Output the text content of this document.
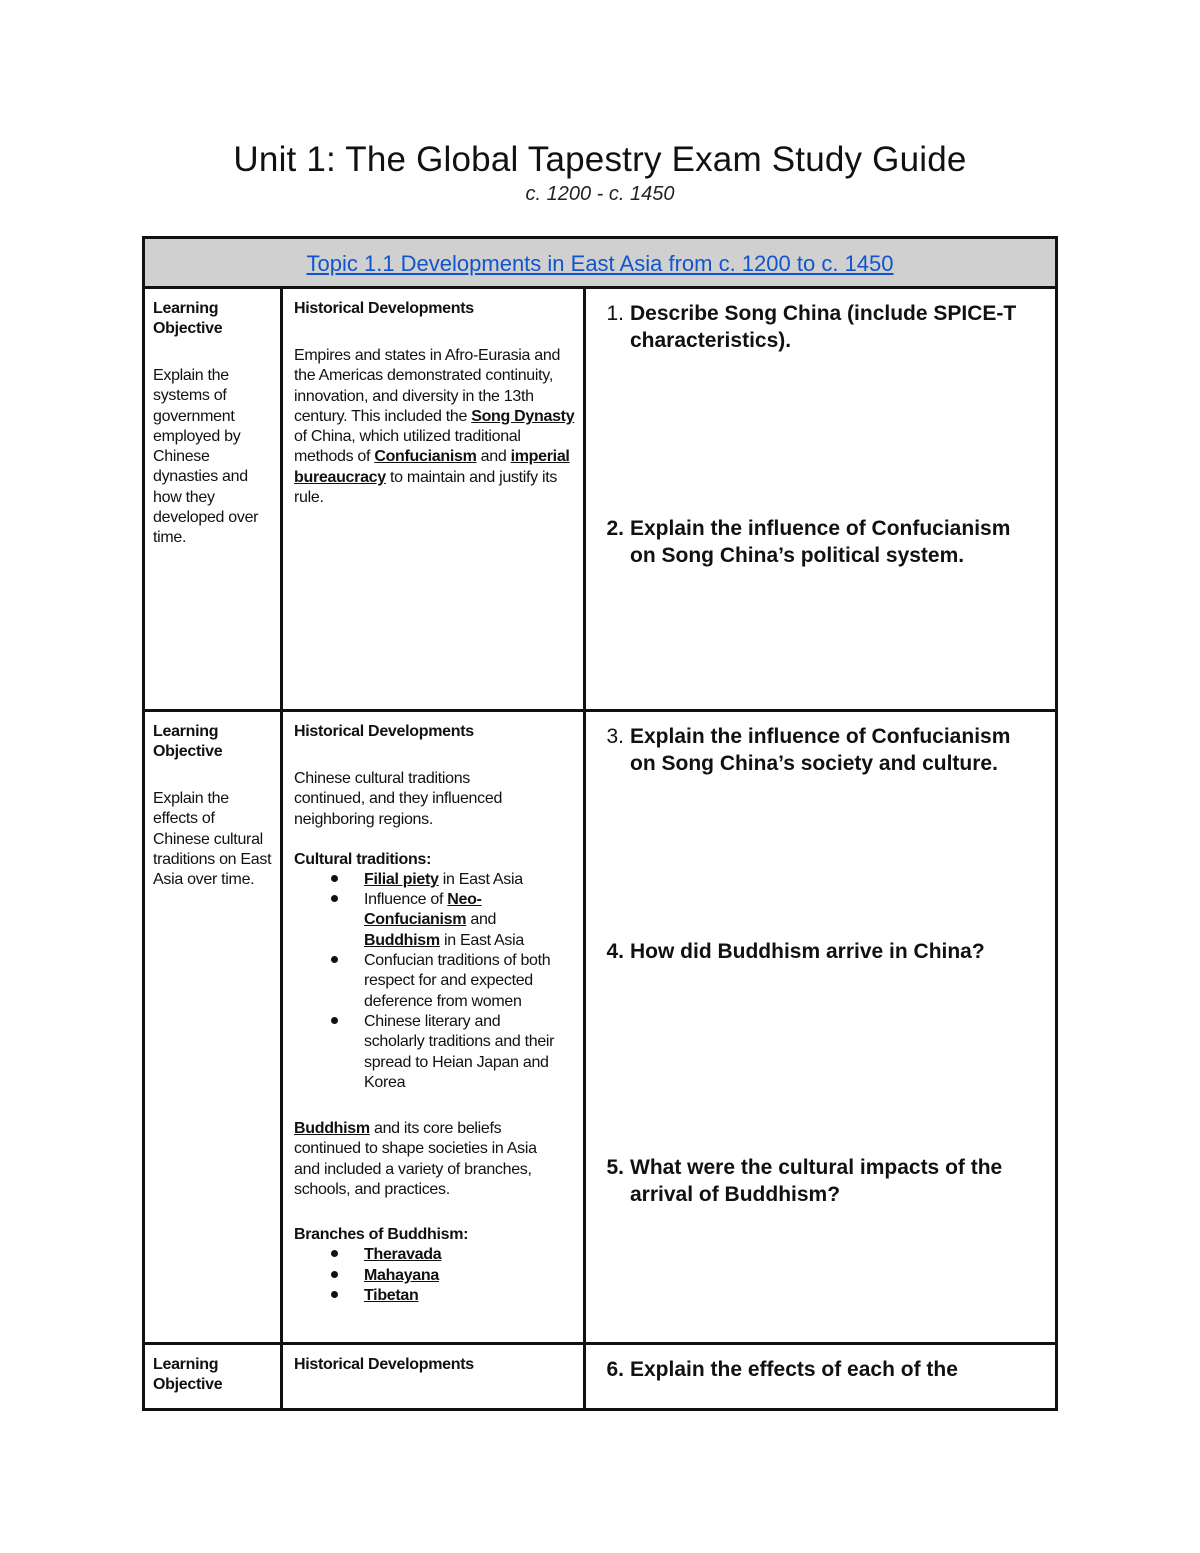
Unit 1: The Global Tapestry Exam Study Guide
c. 1200 - c. 1450
Topic 1.1 Developments in East Asia from c. 1200 to c. 1450
Learning Objective
Explain the systems of government employed by Chinese dynasties and how they developed over time.
Historical Developments
Empires and states in Afro-Eurasia and the Americas demonstrated continuity, innovation, and diversity in the 13th century. This included the Song Dynasty of China, which utilized traditional methods of Confucianism and imperial bureaucracy to maintain and justify its rule.
1. Describe Song China (include SPICE-T characteristics).
2. Explain the influence of Confucianism on Song China’s political system.
Learning Objective
Explain the effects of Chinese cultural traditions on East Asia over time.
Historical Developments
Chinese cultural traditions continued, and they influenced neighboring regions.
Cultural traditions:
Filial piety in East Asia
Influence of Neo-Confucianism and Buddhism in East Asia
Confucian traditions of both respect for and expected deference from women
Chinese literary and scholarly traditions and their spread to Heian Japan and Korea
Buddhism and its core beliefs continued to shape societies in Asia and included a variety of branches, schools, and practices.
Branches of Buddhism:
Theravada
Mahayana
Tibetan
3. Explain the influence of Confucianism on Song China’s society and culture.
4. How did Buddhism arrive in China?
5. What were the cultural impacts of the arrival of Buddhism?
Learning Objective
Historical Developments	6. Explain the effects of each of the
